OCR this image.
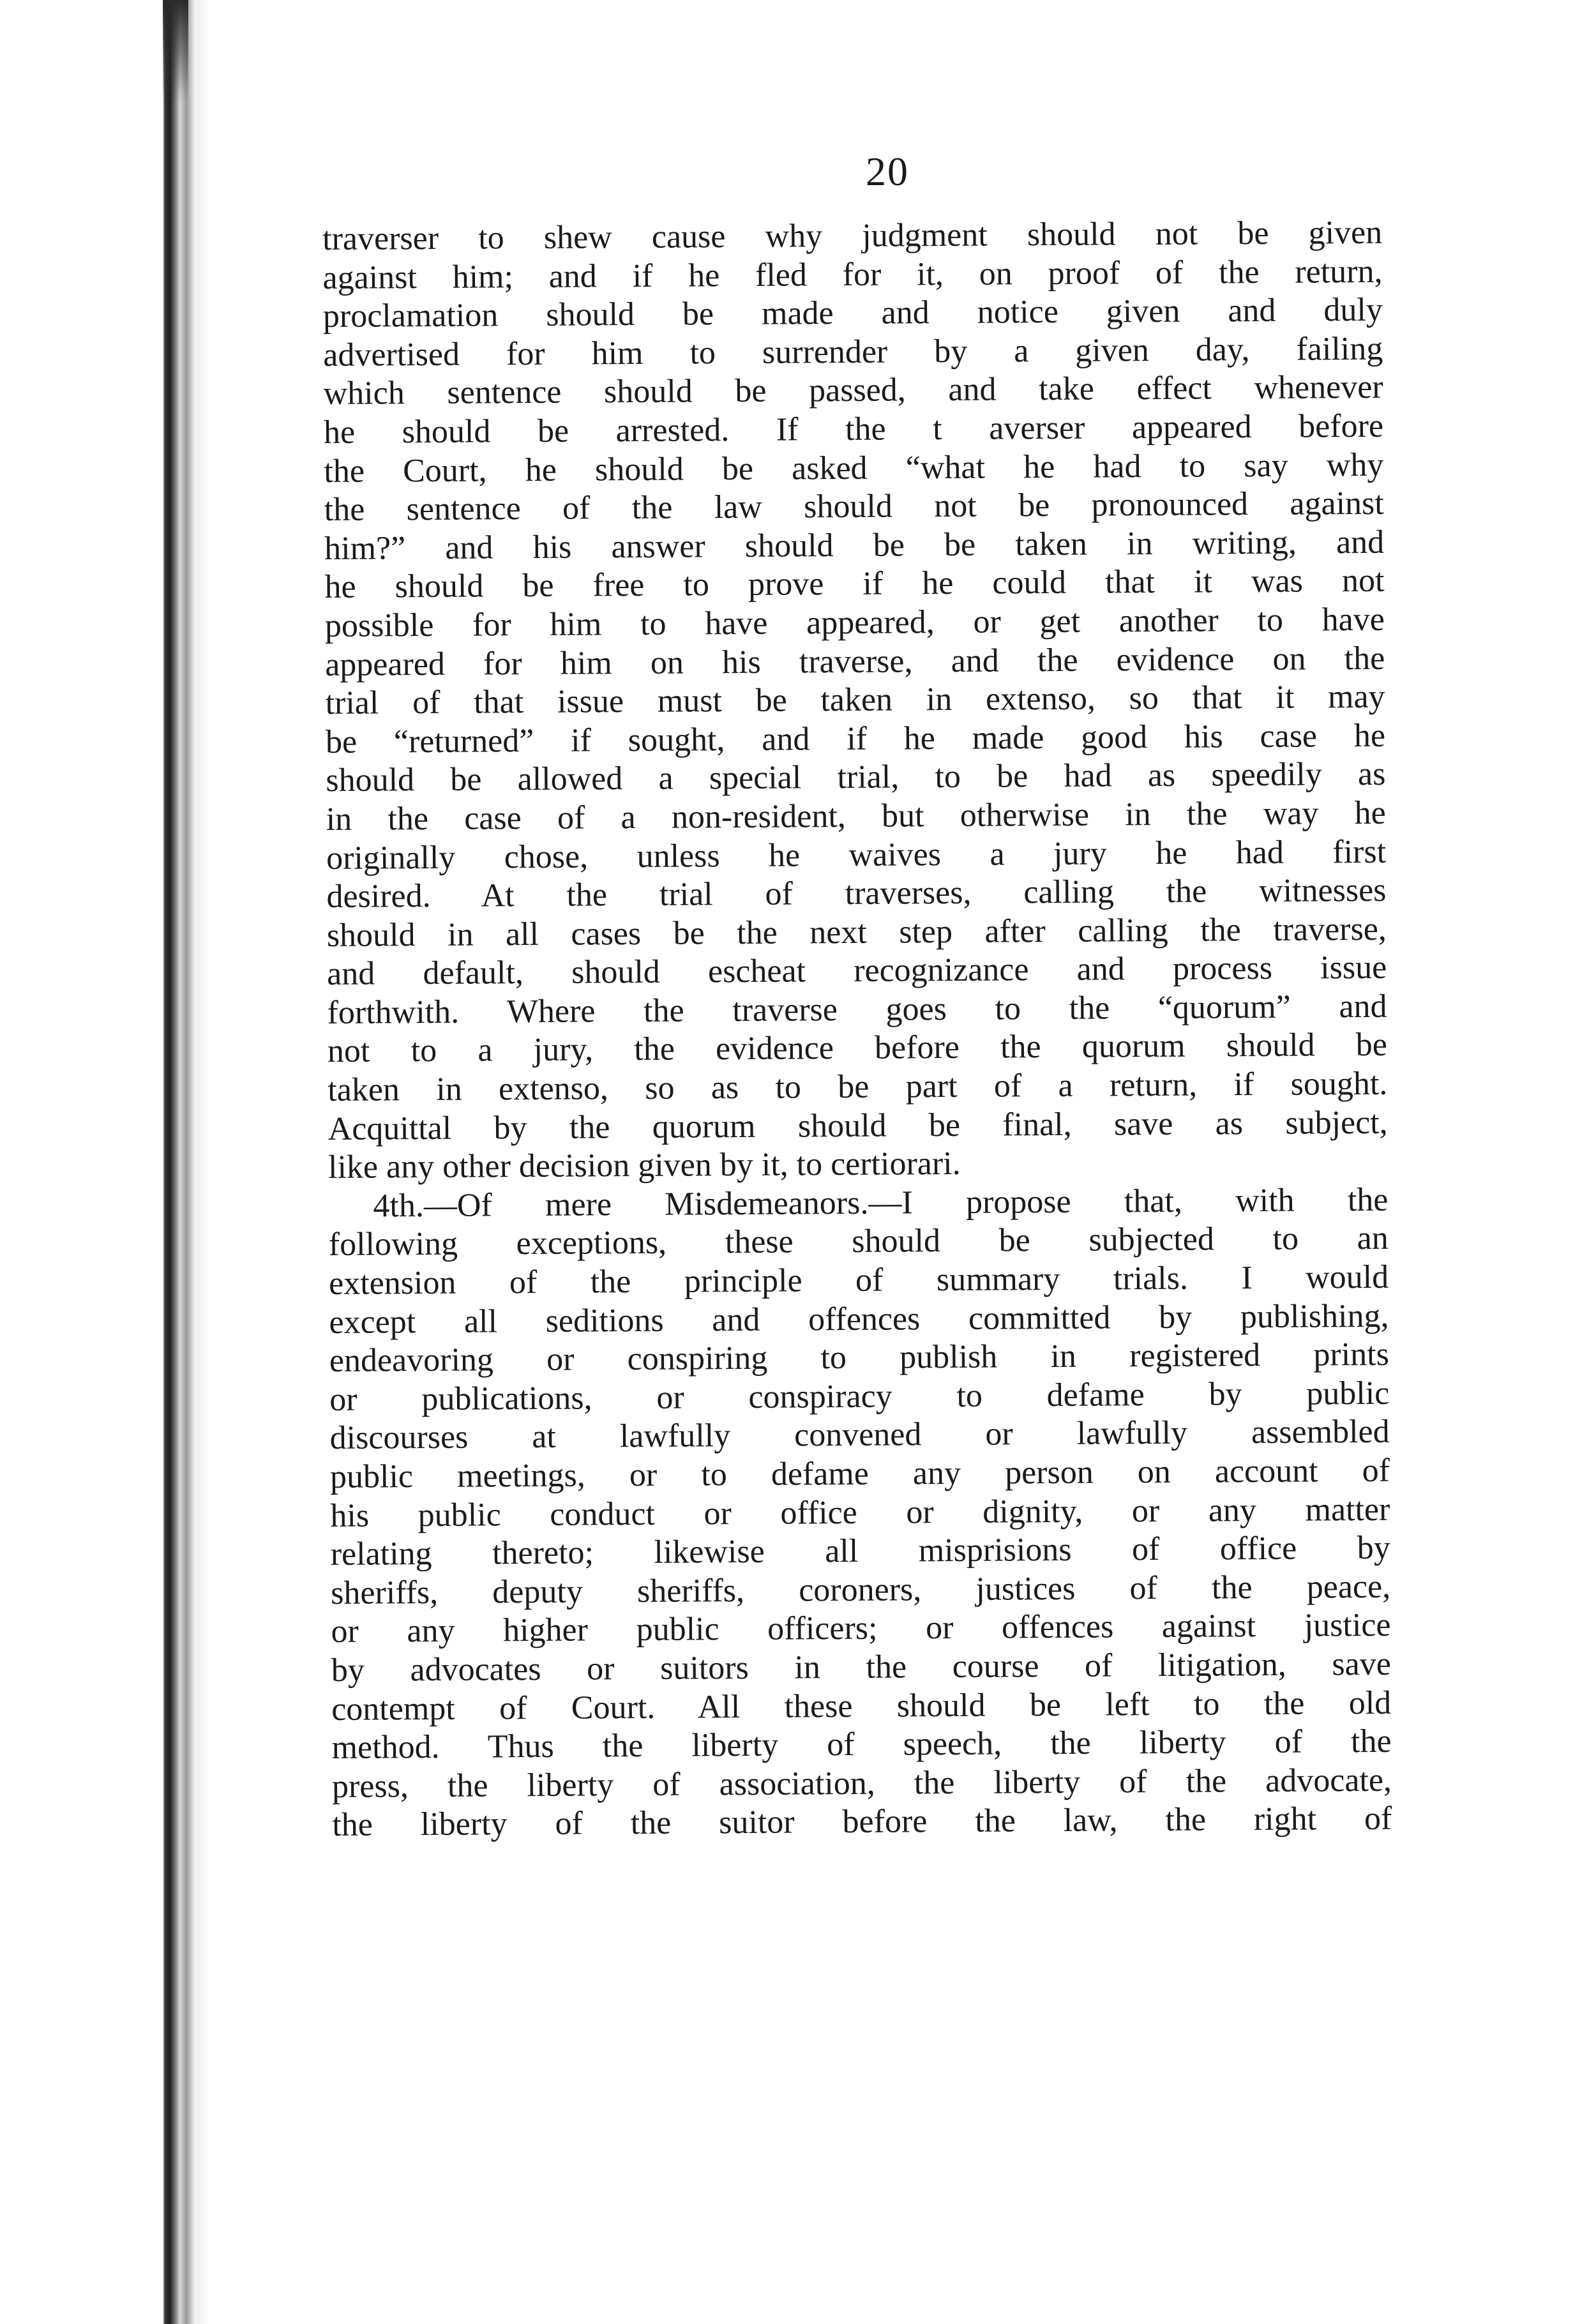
20
traverser to shew cause why judgment should not be given
against him; and if he fled for it, on proof of the return,
proclamation should be made and notice given and duly
advertised for him to surrender by a given day, failing
which sentence should be passed, and take effect whenever
he should be arrested. If the t averser appeared before
the Court, he should be asked “what he had to say why
the sentence of the law should not be pronounced against
him?” and his answer should be be taken in writing, and
he should be free to prove if he could that it was not
possible for him to have appeared, or get another to have
appeared for him on his traverse, and the evidence on the
trial of that issue must be taken in extenso, so that it may
be “returned” if sought, and if he made good his case he
should be allowed a special trial, to be had as speedily as
in the case of a non-resident, but otherwise in the way he
originally chose, unless he waives a jury he had first
desired. At the trial of traverses, calling the witnesses
should in all cases be the next step after calling the traverse,
and default, should escheat recognizance and process issue
forthwith. Where the traverse goes to the “quorum” and
not to a jury, the evidence before the quorum should be
taken in extenso, so as to be part of a return, if sought.
Acquittal by the quorum should be final, save as subject,
like any other decision given by it, to certiorari.
4th.—Of mere Misdemeanors.—I propose that, with the
following exceptions, these should be subjected to an
extension of the principle of summary trials. I would
except all seditions and offences committed by publishing,
endeavoring or conspiring to publish in registered prints
or publications, or conspiracy to defame by public
discourses at lawfully convened or lawfully assembled
public meetings, or to defame any person on account of
his public conduct or office or dignity, or any matter
relating thereto; likewise all misprisions of office by
sheriffs, deputy sheriffs, coroners, justices of the peace,
or any higher public officers; or offences against justice
by advocates or suitors in the course of litigation, save
contempt of Court. All these should be left to the old
method. Thus the liberty of speech, the liberty of the
press, the liberty of association, the liberty of the advocate,
the liberty of the suitor before the law, the right of
